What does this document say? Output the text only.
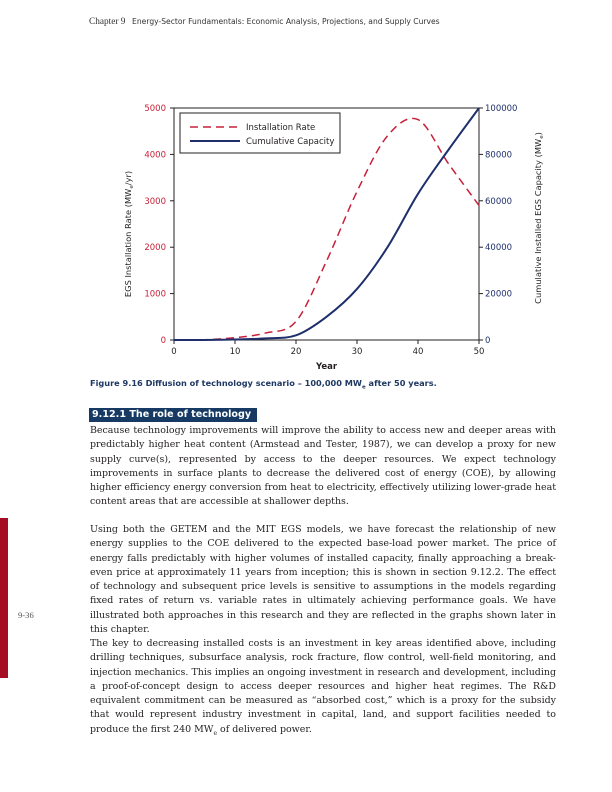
Chapter 9 Energy-Sector Fundamentals: Economic Analysis, Projections, and Supply Curves
0	10	20	30	40	50
0
1000
2000
3000
4000
5000
0
20000
40000
60000
80000
100000
Year
EGS Installation Rate $(MW_e/yr)$	Cumulative Installed EGS Capacity $(MW_e)$
Installation Rate
Cumulative Capacity
Figure 9.16 Diffusion of technology scenario – 100,000 $MW_e$ after 50 years.
9.12.1 The role of technology
Because technology improvements will improve the ability to access new and deeper areas with predictably higher heat content (Armstead and Tester, 1987), we can develop a proxy for new supply curve(s), represented by access to the deeper resources. We expect technology improvements in surface plants to decrease the delivered cost of energy (COE), by allowing higher efficiency energy conversion from heat to electricity, effectively utilizing lower-grade heat content areas that are accessible at shallower depths.
Using both the GETEM and the MIT EGS models, we have forecast the relationship of new energy supplies to the COE delivered to the expected base-load power market. The price of energy falls predictably with higher volumes of installed capacity, finally approaching a break-even price at approximately 11 years from inception; this is shown in section 9.12.2. The effect of technology and subsequent price levels is sensitive to assumptions in the models regarding fixed rates of return vs. variable rates in ultimately achieving performance goals. We have illustrated both approaches in this research and they are reflected in the graphs shown later in this chapter.
The key to decreasing installed costs is an investment in key areas identified above, including drilling techniques, subsurface analysis, rock fracture, flow control, well-field monitoring, and injection mechanics. This implies an ongoing investment in research and development, including a proof-of-concept design to access deeper resources and higher heat regimes. The R&D equivalent commitment can be measured as “absorbed cost,” which is a proxy for the subsidy that would represent industry investment in capital, land, and support facilities needed to produce the first 240 $MW_e$ of delivered power.
9-36
